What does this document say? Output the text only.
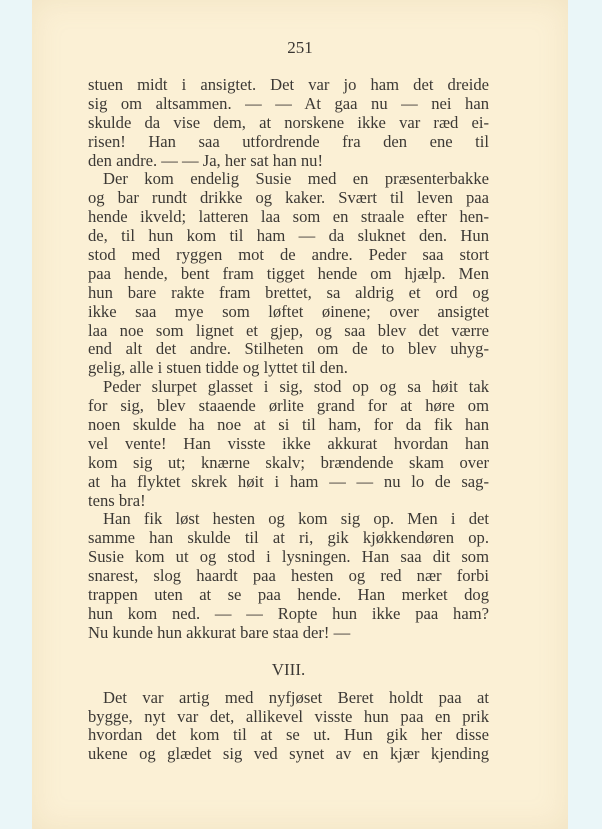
251
stuen midt i ansigtet. Det var jo ham det dreide
sig om altsammen. — — At gaa nu — nei han
skulde da vise dem, at norskene ikke var ræd ei-
risen! Han saa utfordrende fra den ene til
den andre. — — Ja, her sat han nu!
Der kom endelig Susie med en præsenterbakke
og bar rundt drikke og kaker. Svært til leven paa
hende ikveld; latteren laa som en straale efter hen-
de, til hun kom til ham — da sluknet den. Hun
stod med ryggen mot de andre. Peder saa stort
paa hende, bent fram tigget hende om hjælp. Men
hun bare rakte fram brettet, sa aldrig et ord og
ikke saa mye som løftet øinene; over ansigtet
laa noe som lignet et gjep, og saa blev det værre
end alt det andre. Stilheten om de to blev uhyg-
gelig, alle i stuen tidde og lyttet til den.
Peder slurpet glasset i sig, stod op og sa høit tak
for sig, blev staaende ørlite grand for at høre om
noen skulde ha noe at si til ham, for da fik han
vel vente! Han visste ikke akkurat hvordan han
kom sig ut; knærne skalv; brændende skam over
at ha flyktet skrek høit i ham — — nu lo de sag-
tens bra!
Han fik løst hesten og kom sig op. Men i det
samme han skulde til at ri, gik kjøkkendøren op.
Susie kom ut og stod i lysningen. Han saa dit som
snarest, slog haardt paa hesten og red nær forbi
trappen uten at se paa hende. Han merket dog
hun kom ned. — — Ropte hun ikke paa ham?
Nu kunde hun akkurat bare staa der! —
VIII.
Det var artig med nyfjøset Beret holdt paa at
bygge, nyt var det, allikevel visste hun paa en prik
hvordan det kom til at se ut. Hun gik her disse
ukene og glædet sig ved synet av en kjær kjending
